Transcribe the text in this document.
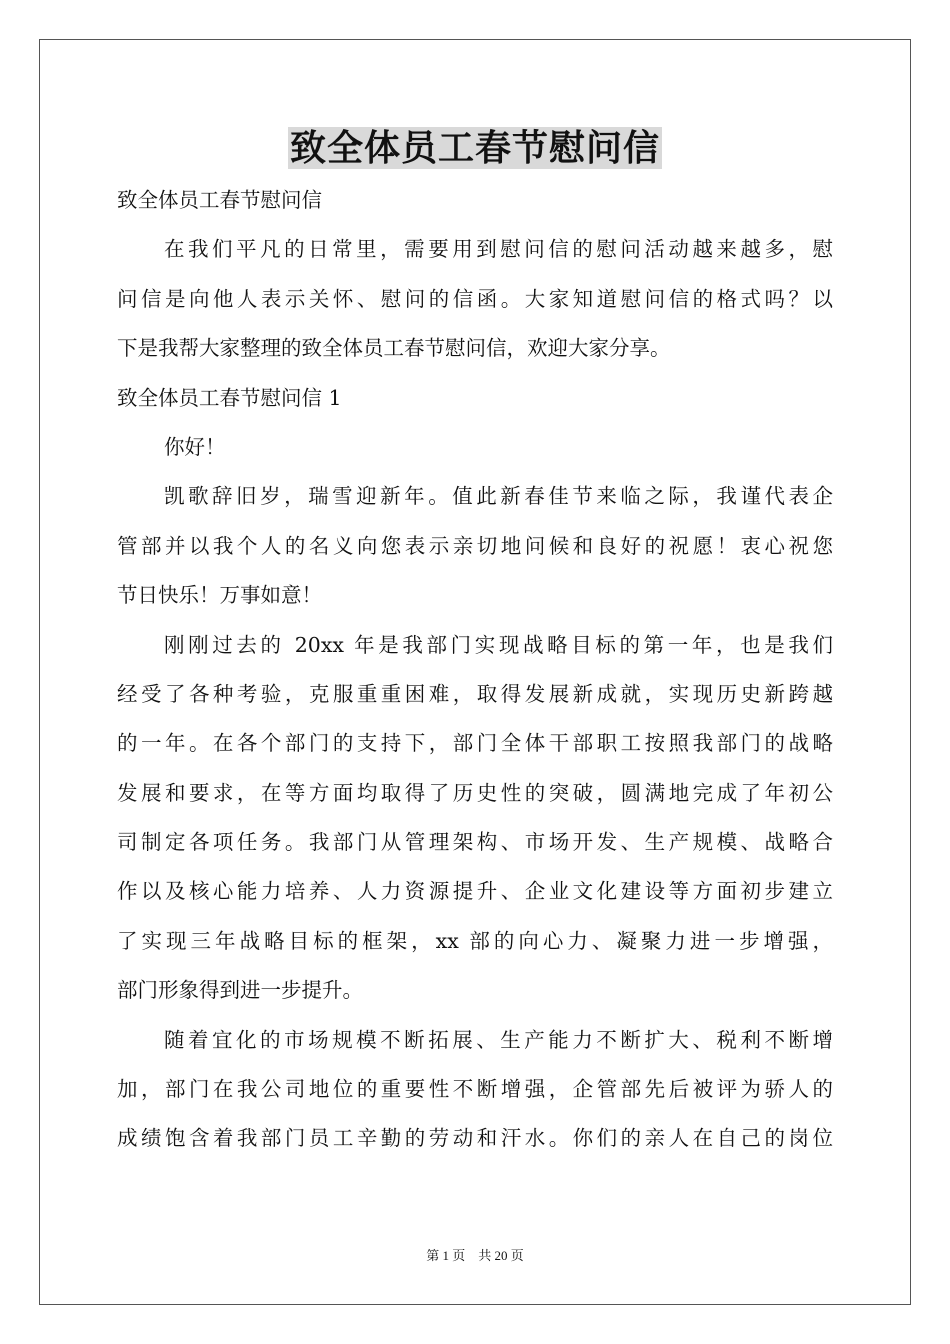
致全体员工春节慰问信

致全体员工春节慰问信

在我们平凡的日常里，需要用到慰问信的慰问活动越来越多，慰

问信是向他人表示关怀、慰问的信函。大家知道慰问信的格式吗？以

下是我帮大家整理的致全体员工春节慰问信，欢迎大家分享。

致全体员工春节慰问信 1

你好！

凯歌辞旧岁，瑞雪迎新年。值此新春佳节来临之际，我谨代表企

管部并以我个人的名义向您表示亲切地问候和良好的祝愿！衷心祝您

节日快乐！万事如意！

刚刚过去的 20xx 年是我部门实现战略目标的第一年，也是我们

经受了各种考验，克服重重困难，取得发展新成就，实现历史新跨越

的一年。在各个部门的支持下，部门全体干部职工按照我部门的战略

发展和要求，在等方面均取得了历史性的突破，圆满地完成了年初公

司制定各项任务。我部门从管理架构、市场开发、生产规模、战略合

作以及核心能力培养、人力资源提升、企业文化建设等方面初步建立

了实现三年战略目标的框架，xx 部的向心力、凝聚力进一步增强，

部门形象得到进一步提升。

随着宜化的市场规模不断拓展、生产能力不断扩大、税利不断增

加，部门在我公司地位的重要性不断增强，企管部先后被评为骄人的

成绩饱含着我部门员工辛勤的劳动和汗水。你们的亲人在自己的岗位

第 1 页　共 20 页
